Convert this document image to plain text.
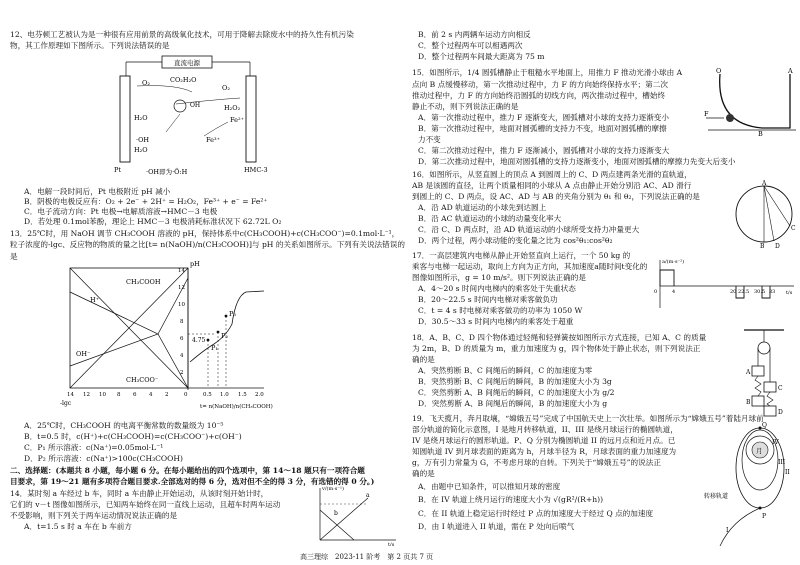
12、电芬顿工艺被认为是一种很有应用前景的高级氧化技术，可用于降解去除废水中的持久性有机污染
物，其工作原理如下图所示。下列说法错误的是
直流电源
O₂	CO₂H₂O
O₂
OH	H₂O₂
Fe²⁺
H₂O
·OH	Fe³⁺
H₂O
Pt	HMC-3
·OH即为·Ö:H
A．电解一段时间后，Pt 电极附近 pH 减小
B．阴极的电极反应有：O₂ + 2e⁻ + 2H⁺ = H₂O₂，Fe³⁺ + e⁻ = Fe²⁺
C．电子流动方向：Pt 电极→电解质溶液→HMC－3 电极
D．若处理 0.1mol苯酚，理论上 HMC－3 电极消耗标准状况下 62.72L O₂
13．25℃时，用 NaOH 调节 CH₃COOH 溶液的 pH，保持体系中c(CH₃COOH)+c(CH₃COO⁻)=0.1mol·L⁻¹，
粒子浓度的-lgc、反应物的物质的量之比[t= n(NaOH)/n(CH₃COOH)]与 pH 的关系如图所示。下列有关说法错误的
是
P₁
P₂
P₃
pH
CH₃COOH
H⁺
OH⁻
CH₃COO⁻
4.75
14
12
10
8
6
4
2
14 12 10 8 6 4 2	0	0.5 1.0 1.5 2.0
-lgc	t= n(NaOH)/n(CH₃COOH)
A．25℃时，CH₃COOH 的电离平衡常数的数量级为 10⁻⁵
B．t=0.5 时，c(H⁺)+c(CH₃COOH)=c(CH₃COO⁻)+c(OH⁻)
C．P₁ 所示溶液：c(Na⁺)=0.05mol·L⁻¹
D．P₂ 所示溶液：c(Na⁺)>100c(CH₃COOH)
二、选择题：(本题共 8 小题，每小题 6 分。在每小题给出的四个选项中，第 14～18 题只有一项符合题
目要求，第 19～21 题有多项符合题目要求.全部选对的得 6 分，选对但不全的得 3 分，有选错的得 0 分。)
14．某时刻 a 车经过 b 车，同时 a 车由静止开始运动，从该时刻开始计时，
它们的 v－t 图像如图所示，已知两车始终在同一直线上运动，且超车时两车运动
不受影响，则下列关于两车运动情况说法正确的是
A．t=1.5 s 时 a 车在 b 车前方
v/(m·s⁻¹)
t/s
a
b
B．前 2 s 内两辆车运动方向相反
C．整个过程两车可以相遇两次
D．整个过程两车间最大距离为 75 m
15．如图所示，1/4 圆弧槽静止于粗糙水平地面上，用推力 F 推动光滑小球由 A
点向 B 点缓慢移动，第一次推动过程中，力 F 的方向始终保持水平；第二次
推动过程中，力 F 的方向始终沿圆弧的切线方向，两次推动过程中，槽始终
静止不动，则下列说法正确的是
A．第一次推动过程中，推力 F 逐渐变大，圆弧槽对小球的支持力逐渐变小
B．第一次推动过程中，地面对圆弧槽的支持力不变，地面对圆弧槽的摩擦
力不变
C．第二次推动过程中，推力 F 逐渐减小，圆弧槽对小球的支持力逐渐变大
D．第二次推动过程中，地面对圆弧槽的支持力逐渐变小，地面对圆弧槽的摩擦力先变大后变小
O	A
B
F
16．如图所示，从竖直圆上的顶点 A 到圆周上的 C、D 两点建两条光滑的直轨道，
AB 是该圆的直径，让两个质量相同的小球从 A 点由静止开始分别沿 AC、AD 滑行
到圆上的 C、D 两点，设 AC、AD 与 AB 的夹角分别为 θ₁ 和 θ₂，下列说法正确的是
A．沿 AD 轨道运动的小球先到达圆上
B．沿 AC 轨道运动的小球的动量变化率大
C．沿 C、D 两点时，沿 AD 轨道运动的小球所受支持力冲量更大
D．两个过程，两小球动能的变化量之比为 cos²θ₁:cos²θ₂
A
B
C
D
17．一高层建筑内电梯从静止开始竖直向上运行，一个 50 kg 的
乘客与电梯一起运动，取向上方向为正方向，其加速度a随时间t变化的
图像如图所示，g = 10 m/s²。则下列说法正确的是
A．4～20 s 时间内电梯内的乘客处于失重状态
B．20～22.5 s 时间内电梯对乘客做负功
C．t = 4 s 时电梯对乘客做功的功率为 1050 W
D．30.5～33 s 时间内电梯内的乘客处于超重
a/(m·s⁻²)
t/s
0	4	20 22.5 30.5 33
18．A、B、C、D 四个物体通过轻绳和轻弹簧按如图所示方式连接，已知 A、C 的质量
为 2m，B、D 的质量为 m，重力加速度为 g，四个物体处于静止状态，则下列说法正
确的是
A．突然剪断 B、C 间绳后的瞬间，C 的加速度为零
B．突然剪断 B、C 间绳后的瞬间，B 的加速度大小为 3g
C．突然剪断 A、B 间绳后的瞬间，C 的加速度大小为 g/2
D．突然剪断 A、B 间绳后的瞬间，B 的加速度大小为 g
A
B
C
D
19．飞天揽月，奔月取壤，“嫦娥五号”完成了中国航天史上一次壮举。如图所示为“嫦娥五号”着陆月球前
部分轨道的简化示意图，I 是地月转移轨道，II、III 是绕月球运行的椭圆轨道，
IV 是绕月球运行的圆形轨道。P、Q 分别为椭圆轨道 II 的远月点和近月点。已
知圆轨道 IV 到月球表面的距离为 h，月球半径为 R，月球表面的重力加速度为
g，万有引力常量为 G，不考虑月球的自转。下列关于“嫦娥五号”的说法正
确的是
A．由题中已知条件，可以推知月球的密度
B．在 IV 轨道上绕月运行的速度大小为 √(gR²/(R+h))
C．在 II 轨道上稳定运行时经过 P 点的加速度大于经过 Q 点的加速度
D．由 I 轨道进入 II 轨道，需在 P 处向后喷气
月
转移轨道
P
Q
I
II
III
IV
高三理综　2023-11 阶考　第 2 页共 7 页
